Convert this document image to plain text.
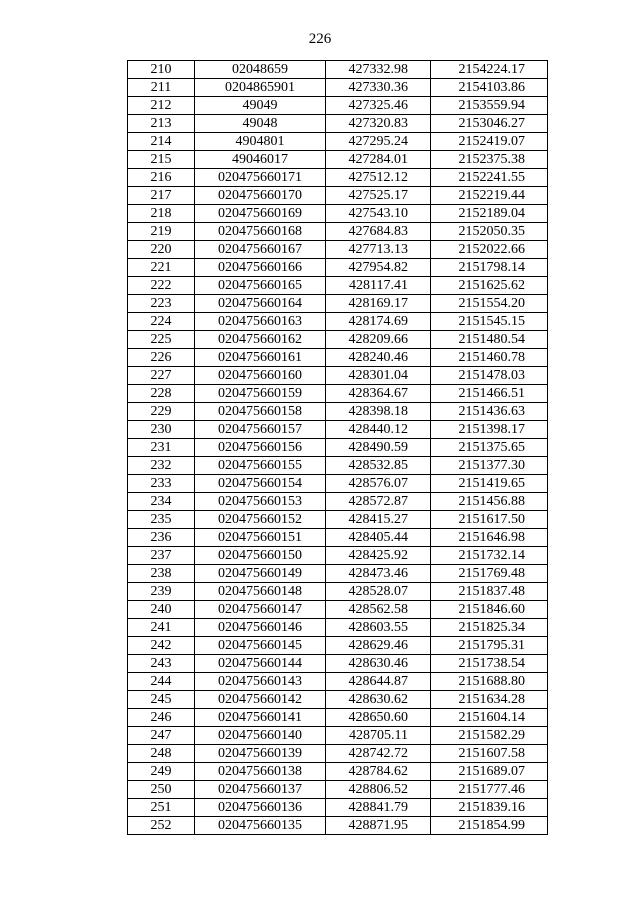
226
210	02048659	427332.98	2154224.17
211	0204865901	427330.36	2154103.86
212	49049	427325.46	2153559.94
213	49048	427320.83	2153046.27
214	4904801	427295.24	2152419.07
215	49046017	427284.01	2152375.38
216	020475660171	427512.12	2152241.55
217	020475660170	427525.17	2152219.44
218	020475660169	427543.10	2152189.04
219	020475660168	427684.83	2152050.35
220	020475660167	427713.13	2152022.66
221	020475660166	427954.82	2151798.14
222	020475660165	428117.41	2151625.62
223	020475660164	428169.17	2151554.20
224	020475660163	428174.69	2151545.15
225	020475660162	428209.66	2151480.54
226	020475660161	428240.46	2151460.78
227	020475660160	428301.04	2151478.03
228	020475660159	428364.67	2151466.51
229	020475660158	428398.18	2151436.63
230	020475660157	428440.12	2151398.17
231	020475660156	428490.59	2151375.65
232	020475660155	428532.85	2151377.30
233	020475660154	428576.07	2151419.65
234	020475660153	428572.87	2151456.88
235	020475660152	428415.27	2151617.50
236	020475660151	428405.44	2151646.98
237	020475660150	428425.92	2151732.14
238	020475660149	428473.46	2151769.48
239	020475660148	428528.07	2151837.48
240	020475660147	428562.58	2151846.60
241	020475660146	428603.55	2151825.34
242	020475660145	428629.46	2151795.31
243	020475660144	428630.46	2151738.54
244	020475660143	428644.87	2151688.80
245	020475660142	428630.62	2151634.28
246	020475660141	428650.60	2151604.14
247	020475660140	428705.11	2151582.29
248	020475660139	428742.72	2151607.58
249	020475660138	428784.62	2151689.07
250	020475660137	428806.52	2151777.46
251	020475660136	428841.79	2151839.16
252	020475660135	428871.95	2151854.99
